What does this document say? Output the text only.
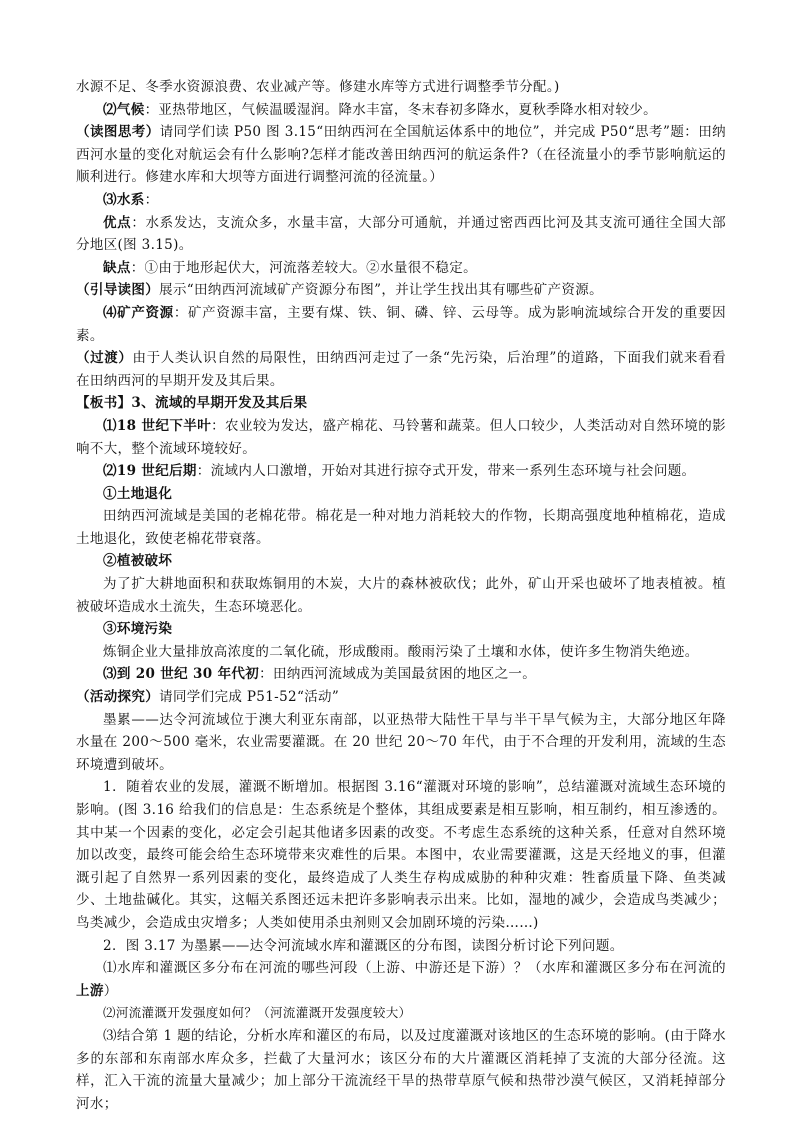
水源不足、冬季水资源浪费、农业减产等。修建水库等方式进行调整季节分配。)

⑵气候：亚热带地区，气候温暖湿润。降水丰富，冬末春初多降水，夏秋季降水相对较少。

（读图思考）请同学们读 P50 图 3.15“田纳西河在全国航运体系中的地位”，并完成 P50“思考”题：田纳西河水量的变化对航运会有什么影响?怎样才能改善田纳西河的航运条件?（在径流量小的季节影响航运的顺利进行。修建水库和大坝等方面进行调整河流的径流量。）

⑶水系：

优点：水系发达，支流众多，水量丰富，大部分可通航，并通过密西西比河及其支流可通往全国大部分地区(图 3.15)。

缺点：①由于地形起伏大，河流落差较大。②水量很不稳定。

（引导读图）展示“田纳西河流域矿产资源分布图”，并让学生找出其有哪些矿产资源。

⑷矿产资源：矿产资源丰富，主要有煤、铁、铜、磷、锌、云母等。成为影响流域综合开发的重要因素。

（过渡）由于人类认识自然的局限性，田纳西河走过了一条“先污染，后治理”的道路，下面我们就来看看在田纳西河的早期开发及其后果。

【板书】3、流域的早期开发及其后果

⑴18 世纪下半叶：农业较为发达，盛产棉花、马铃薯和蔬菜。但人口较少，人类活动对自然环境的影响不大，整个流域环境较好。

⑵19 世纪后期：流域内人口激增，开始对其进行掠夺式开发，带来一系列生态环境与社会问题。

①土地退化

田纳西河流域是美国的老棉花带。棉花是一种对地力消耗较大的作物，长期高强度地种植棉花，造成土地退化，致使老棉花带衰落。

②植被破坏

为了扩大耕地面积和获取炼铜用的木炭，大片的森林被砍伐；此外，矿山开采也破坏了地表植被。植被破坏造成水土流失，生态环境恶化。

③环境污染

炼铜企业大量排放高浓度的二氧化硫，形成酸雨。酸雨污染了土壤和水体，使许多生物消失绝迹。

⑶到 20 世纪 30 年代初：田纳西河流域成为美国最贫困的地区之一。

（活动探究）请同学们完成 P51-52“活动”

墨累——达令河流域位于澳大利亚东南部，以亚热带大陆性干旱与半干旱气候为主，大部分地区年降水量在 200～500 毫米，农业需要灌溉。在 20 世纪 20～70 年代，由于不合理的开发利用，流域的生态环境遭到破坏。

1．随着农业的发展，灌溉不断增加。根据图 3.16“灌溉对环境的影响”，总结灌溉对流域生态环境的影响。(图 3.16 给我们的信息是：生态系统是个整体，其组成要素是相互影响，相互制约，相互渗透的。其中某一个因素的变化，必定会引起其他诸多因素的改变。不考虑生态系统的这种关系，任意对自然环境加以改变，最终可能会给生态环境带来灾难性的后果。本图中，农业需要灌溉，这是天经地义的事，但灌溉引起了自然界一系列因素的变化，最终造成了人类生存构成威胁的种种灾难：牲畜质量下降、鱼类减少、土地盐碱化。其实，这幅关系图还远未把许多影响表示出来。比如，湿地的减少，会造成鸟类减少；鸟类减少，会造成虫灾增多；人类如使用杀虫剂则又会加剧环境的污染……)

2．图 3.17 为墨累——达令河流域水库和灌溉区的分布图，读图分析讨论下列问题。

⑴水库和灌溉区多分布在河流的哪些河段（上游、中游还是下游）？（水库和灌溉区多分布在河流的上游）

⑵河流灌溉开发强度如何？（河流灌溉开发强度较大）

⑶结合第 1 题的结论，分析水库和灌区的布局，以及过度灌溉对该地区的生态环境的影响。(由于降水多的东部和东南部水库众多，拦截了大量河水；该区分布的大片灌溉区消耗掉了支流的大部分径流。这样，汇入干流的流量大量减少；加上部分干流流经干旱的热带草原气候和热带沙漠气候区，又消耗掉部分河水；
